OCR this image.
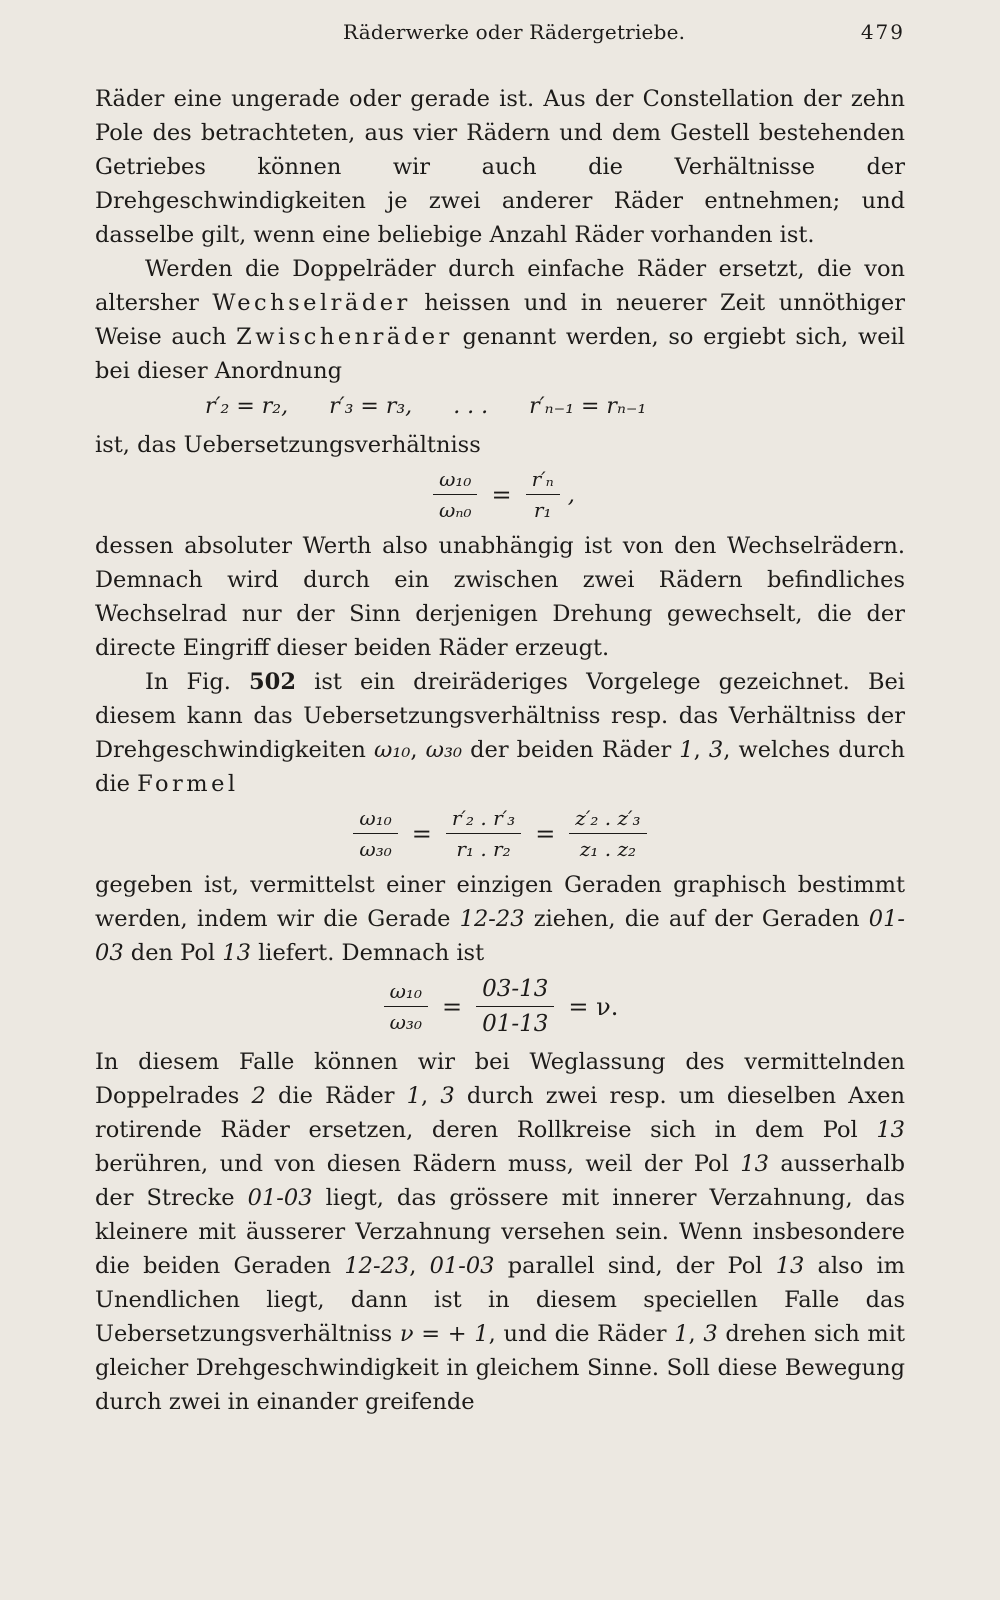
Räderwerke oder Rädergetriebe.	479

Räder eine ungerade oder gerade ist. Aus der Constellation der zehn Pole des betrachteten, aus vier Rädern und dem Gestell bestehenden Getriebes können wir auch die Verhältnisse der Drehgeschwindigkeiten je zwei anderer Räder entnehmen; und dasselbe gilt, wenn eine beliebige Anzahl Räder vorhanden ist.

Werden die Doppelräder durch einfache Räder ersetzt, die von altersher Wechselräder heissen und in neuerer Zeit unnöthiger Weise auch Zwischenräder genannt werden, so ergiebt sich, weil bei dieser Anordnung

r′₂ = r₂, r′₃ = r₃, . . . r′ₙ₋₁ = rₙ₋₁

ist, das Uebersetzungsverhältniss

$\frac{\text{ω₁₀}}{\text{ωₙ₀}} = \frac{\text{r′ₙ}}{\text{r₁}}$ ,

dessen absoluter Werth also unabhängig ist von den Wechselrädern. Demnach wird durch ein zwischen zwei Rädern befindliches Wechselrad nur der Sinn derjenigen Drehung gewechselt, die der directe Eingriff dieser beiden Räder erzeugt.

In Fig. 502 ist ein dreiräderiges Vorgelege gezeichnet. Bei diesem kann das Uebersetzungsverhältniss resp. das Verhältniss der Drehgeschwindigkeiten ω₁₀, ω₃₀ der beiden Räder 1, 3, welches durch die Formel

$\frac{\text{ω₁₀}}{\text{ω₃₀}} = \frac{\text{r′₂ . r′₃}}{\text{r₁ . r₂}} = \frac{\text{z′₂ . z′₃}}{\text{z₁ . z₂}}$

gegeben ist, vermittelst einer einzigen Geraden graphisch bestimmt werden, indem wir die Gerade 12-23 ziehen, die auf der Geraden 01-03 den Pol 13 liefert. Demnach ist

$\frac{\text{ω₁₀}}{\text{ω₃₀}} = \frac{03-13}{01-13} = \nu$.

In diesem Falle können wir bei Weglassung des vermittelnden Doppelrades 2 die Räder 1, 3 durch zwei resp. um dieselben Axen rotirende Räder ersetzen, deren Rollkreise sich in dem Pol 13 berühren, und von diesen Rädern muss, weil der Pol 13 ausserhalb der Strecke 01-03 liegt, das grössere mit innerer Verzahnung, das kleinere mit äusserer Verzahnung versehen sein. Wenn insbesondere die beiden Geraden 12-23, 01-03 parallel sind, der Pol 13 also im Unendlichen liegt, dann ist in diesem speciellen Falle das Uebersetzungsverhältniss ν = + 1, und die Räder 1, 3 drehen sich mit gleicher Drehgeschwindigkeit in gleichem Sinne. Soll diese Bewegung durch zwei in einander greifende
